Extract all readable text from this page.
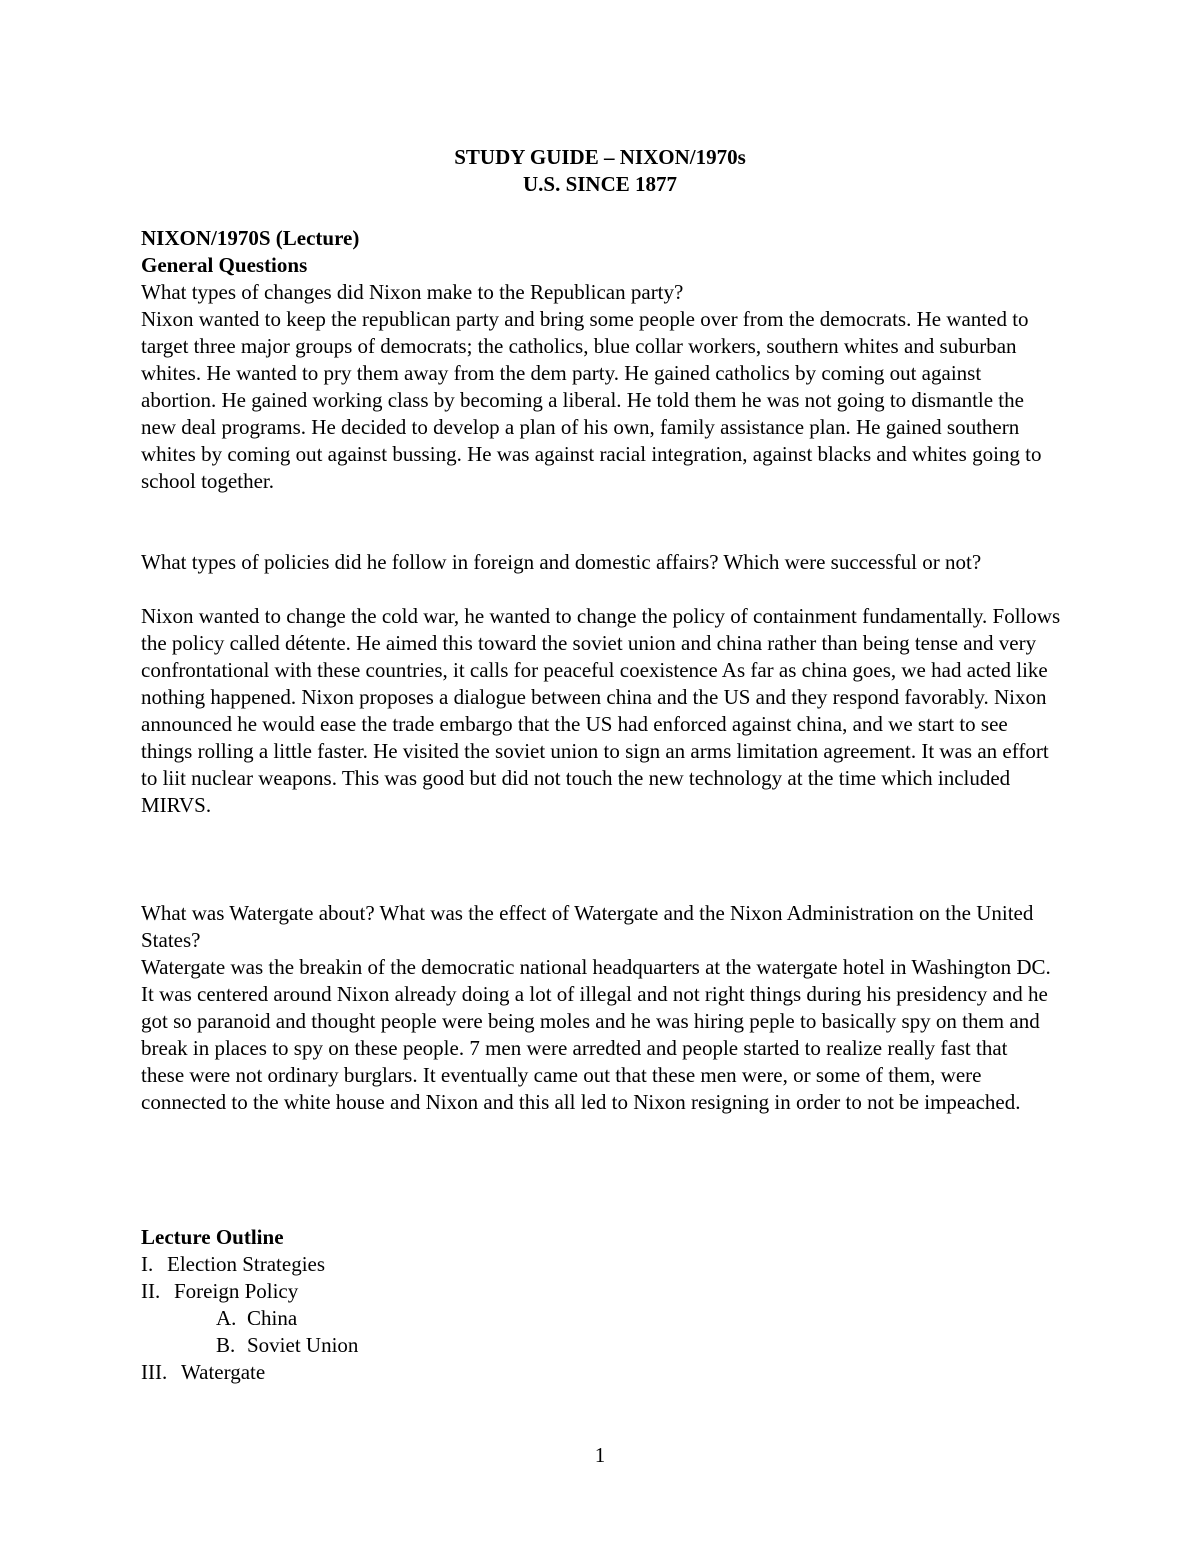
STUDY GUIDE – NIXON/1970s
U.S. SINCE 1877
NIXON/1970S (Lecture)
General Questions
What types of changes did Nixon make to the Republican party?
Nixon wanted to keep the republican party and bring some people over from the democrats. He wanted to target three major groups of democrats; the catholics, blue collar workers, southern whites and suburban whites. He wanted to pry them away from the dem party. He gained catholics by coming out against abortion. He gained working class by becoming a liberal. He told them he was not going to dismantle the new deal programs. He decided to develop a plan of his own, family assistance plan. He gained southern whites by coming out against bussing. He was against racial integration, against blacks and whites going to school together.
What types of policies did he follow in foreign and domestic affairs? Which were successful or not?
Nixon wanted to change the cold war, he wanted to change the policy of containment fundamentally. Follows the policy called détente. He aimed this toward the soviet union and china rather than being tense and very confrontational with these countries, it calls for peaceful coexistence As far as china goes, we had acted like nothing happened. Nixon proposes a dialogue between china and the US and they respond favorably. Nixon announced he would ease the trade embargo that the US had enforced against china, and we start to see things rolling a little faster. He visited the soviet union to sign an arms limitation agreement. It was an effort to liit nuclear weapons. This was good but did not touch the new technology at the time which included MIRVS.
What was Watergate about? What was the effect of Watergate and the Nixon Administration on the United States?
Watergate was the breakin of the democratic national headquarters at the watergate hotel in Washington DC. It was centered around Nixon already doing a lot of illegal and not right things during his presidency and he got so paranoid and thought people were being moles and he was hiring peple to basically spy on them and break in places to spy on these people. 7 men were arredted and people started to realize really fast that these were not ordinary burglars. It eventually came out that these men were, or some of them, were connected to the white house and Nixon and this all led to Nixon resigning in order to not be impeached.
Lecture Outline
I. Election Strategies
II. Foreign Policy
A. China
B. Soviet Union
III. Watergate
1
